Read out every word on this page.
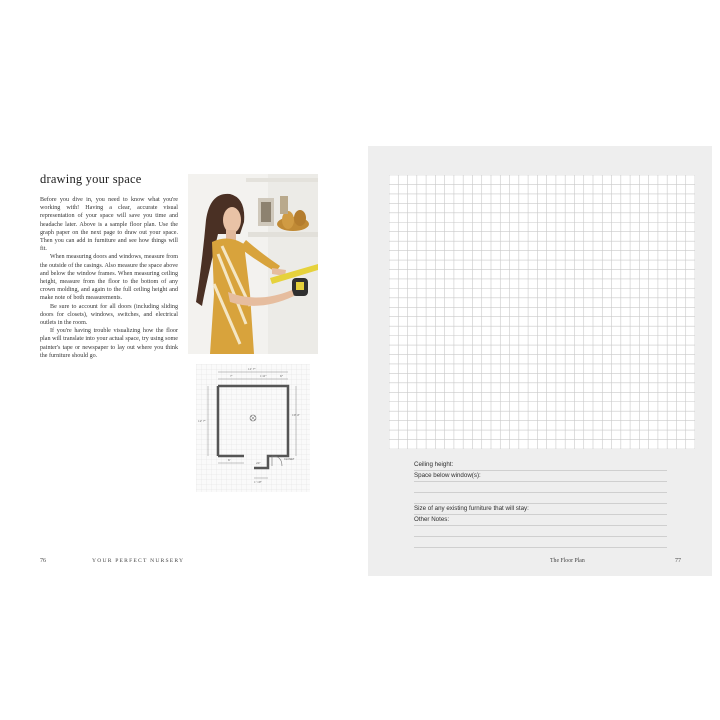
drawing your space

Before you dive in, you need to know what you're working with! Having a clear, accurate visual representation of your space will save you time and headache later. Above is a sample floor plan. Use the graph paper on the next page to draw out your space. Then you can add in furniture and see how things will fit.

When measuring doors and windows, measure from the outside of the casings. Also measure the space above and below the window frames. When measuring ceiling height, measure from the floor to the bottom of any crown molding, and again to the full ceiling height and make note of both measurements.

Be sure to account for all doors (including sliding doors for closets), windows, switches, and electrical outlets in the room.

If you're having trouble visualizing how the floor plan will translate into your actual space, try using some painter's tape or newspaper to lay out where you think the furniture should go.

11' 7"
7'	1'-6"	6"
12' 7"
10' 4"
6'
24"
CLOSET
1' 10"
76	YOUR PERFECT NURSERY
Ceiling height:
Space below window(s):
Size of any existing furniture that will stay:
Other Notes:
The Floor Plan	77
